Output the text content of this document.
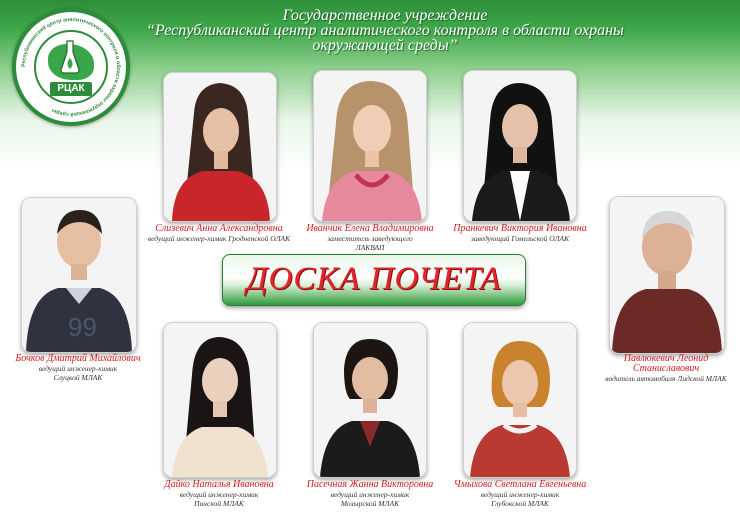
Государственное учреждение
“Республиканский центр аналитического контроля в области охраны
окружающей среды”
Республиканский центр аналитического контроля в области охраны окружающей среды
РЦАК
Слизевич Анна Александровна
ведущий инженер-химик Гродненской ОЛАК
Иванчик Елена Владимировна
заместитель заведующего ЛАКВАП
Пранкевич Виктория Ивановна
заведующий Гомельской ОЛАК
99
Бочков Дмитрий Михайлович
ведущий инженер-химик Слуцкой МЛАК
Павлюкевич Леонид Станиславович
водитель автомобиля Лидской МЛАК
ДОСКА ПОЧЕТА
Дайко Наталья Ивановна
ведущий инженер-химик Пинской МЛАК
Пасечная Жанна Викторовна
ведущий инженер-химик Мозырской МЛАК
Чмыхова Светлана Евгеньевна
ведущий инженер-химик Глубокской МЛАК
